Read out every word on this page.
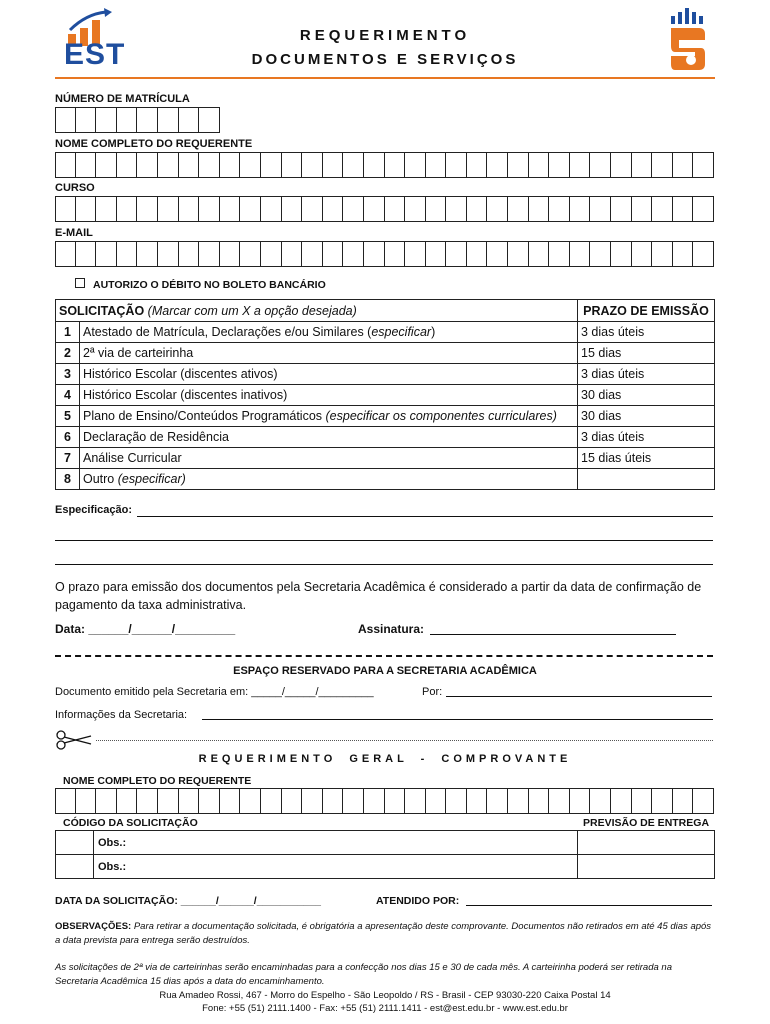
EST
REQUERIMENTO
DOCUMENTOS E SERVIÇOS
NÚMERO DE MATRÍCULA
NOME COMPLETO DO REQUERENTE
CURSO
E-MAIL
AUTORIZO O DÉBITO NO BOLETO BANCÁRIO
SOLICITAÇÃO (Marcar com um X a opção desejada)		PRAZO DE EMISSÃO
1	Atestado de Matrícula, Declarações e/ou Similares (especificar)	3 dias úteis
2	2ª via de carteirinha	15 dias
3	Histórico Escolar (discentes ativos)	3 dias úteis
4	Histórico Escolar (discentes inativos)	30 dias
5	Plano de Ensino/Conteúdos Programáticos (especificar os componentes curriculares)	30 dias
6	Declaração de Residência	3 dias úteis
7	Análise Curricular	15 dias úteis
8	Outro (especificar)	
Especificação:
O prazo para emissão dos documentos pela Secretaria Acadêmica é considerado a partir da data de confirmação de pagamento da taxa administrativa.
Data: ______/______/_________	Assinatura:
ESPAÇO RESERVADO PARA A SECRETARIA ACADÊMICA
Documento emitido pela Secretaria em: _____/_____/_________	Por:
Informações da Secretaria:
REQUERIMENTO GERAL - COMPROVANTE
NOME COMPLETO DO REQUERENTE
CÓDIGO DA SOLICITAÇÃO	PREVISÃO DE ENTREGA
	Obs.:	
	Obs.:	
DATA DA SOLICITAÇÃO: ______/______/___________	ATENDIDO POR:
OBSERVAÇÕES: Para retirar a documentação solicitada, é obrigatória a apresentação deste comprovante. Documentos não retirados em até 45 dias após a data prevista para entrega serão destruídos.
As solicitações de 2ª via de carteirinhas serão encaminhadas para a confecção nos dias 15 e 30 de cada mês. A carteirinha poderá ser retirada na Secretaria Acadêmica 15 dias após a data do encaminhamento.
Rua Amadeo Rossi, 467 - Morro do Espelho - São Leopoldo / RS - Brasil - CEP 93030-220 Caixa Postal 14
Fone: +55 (51) 2111.1400 - Fax: +55 (51) 2111.1411 - est@est.edu.br - www.est.edu.br
